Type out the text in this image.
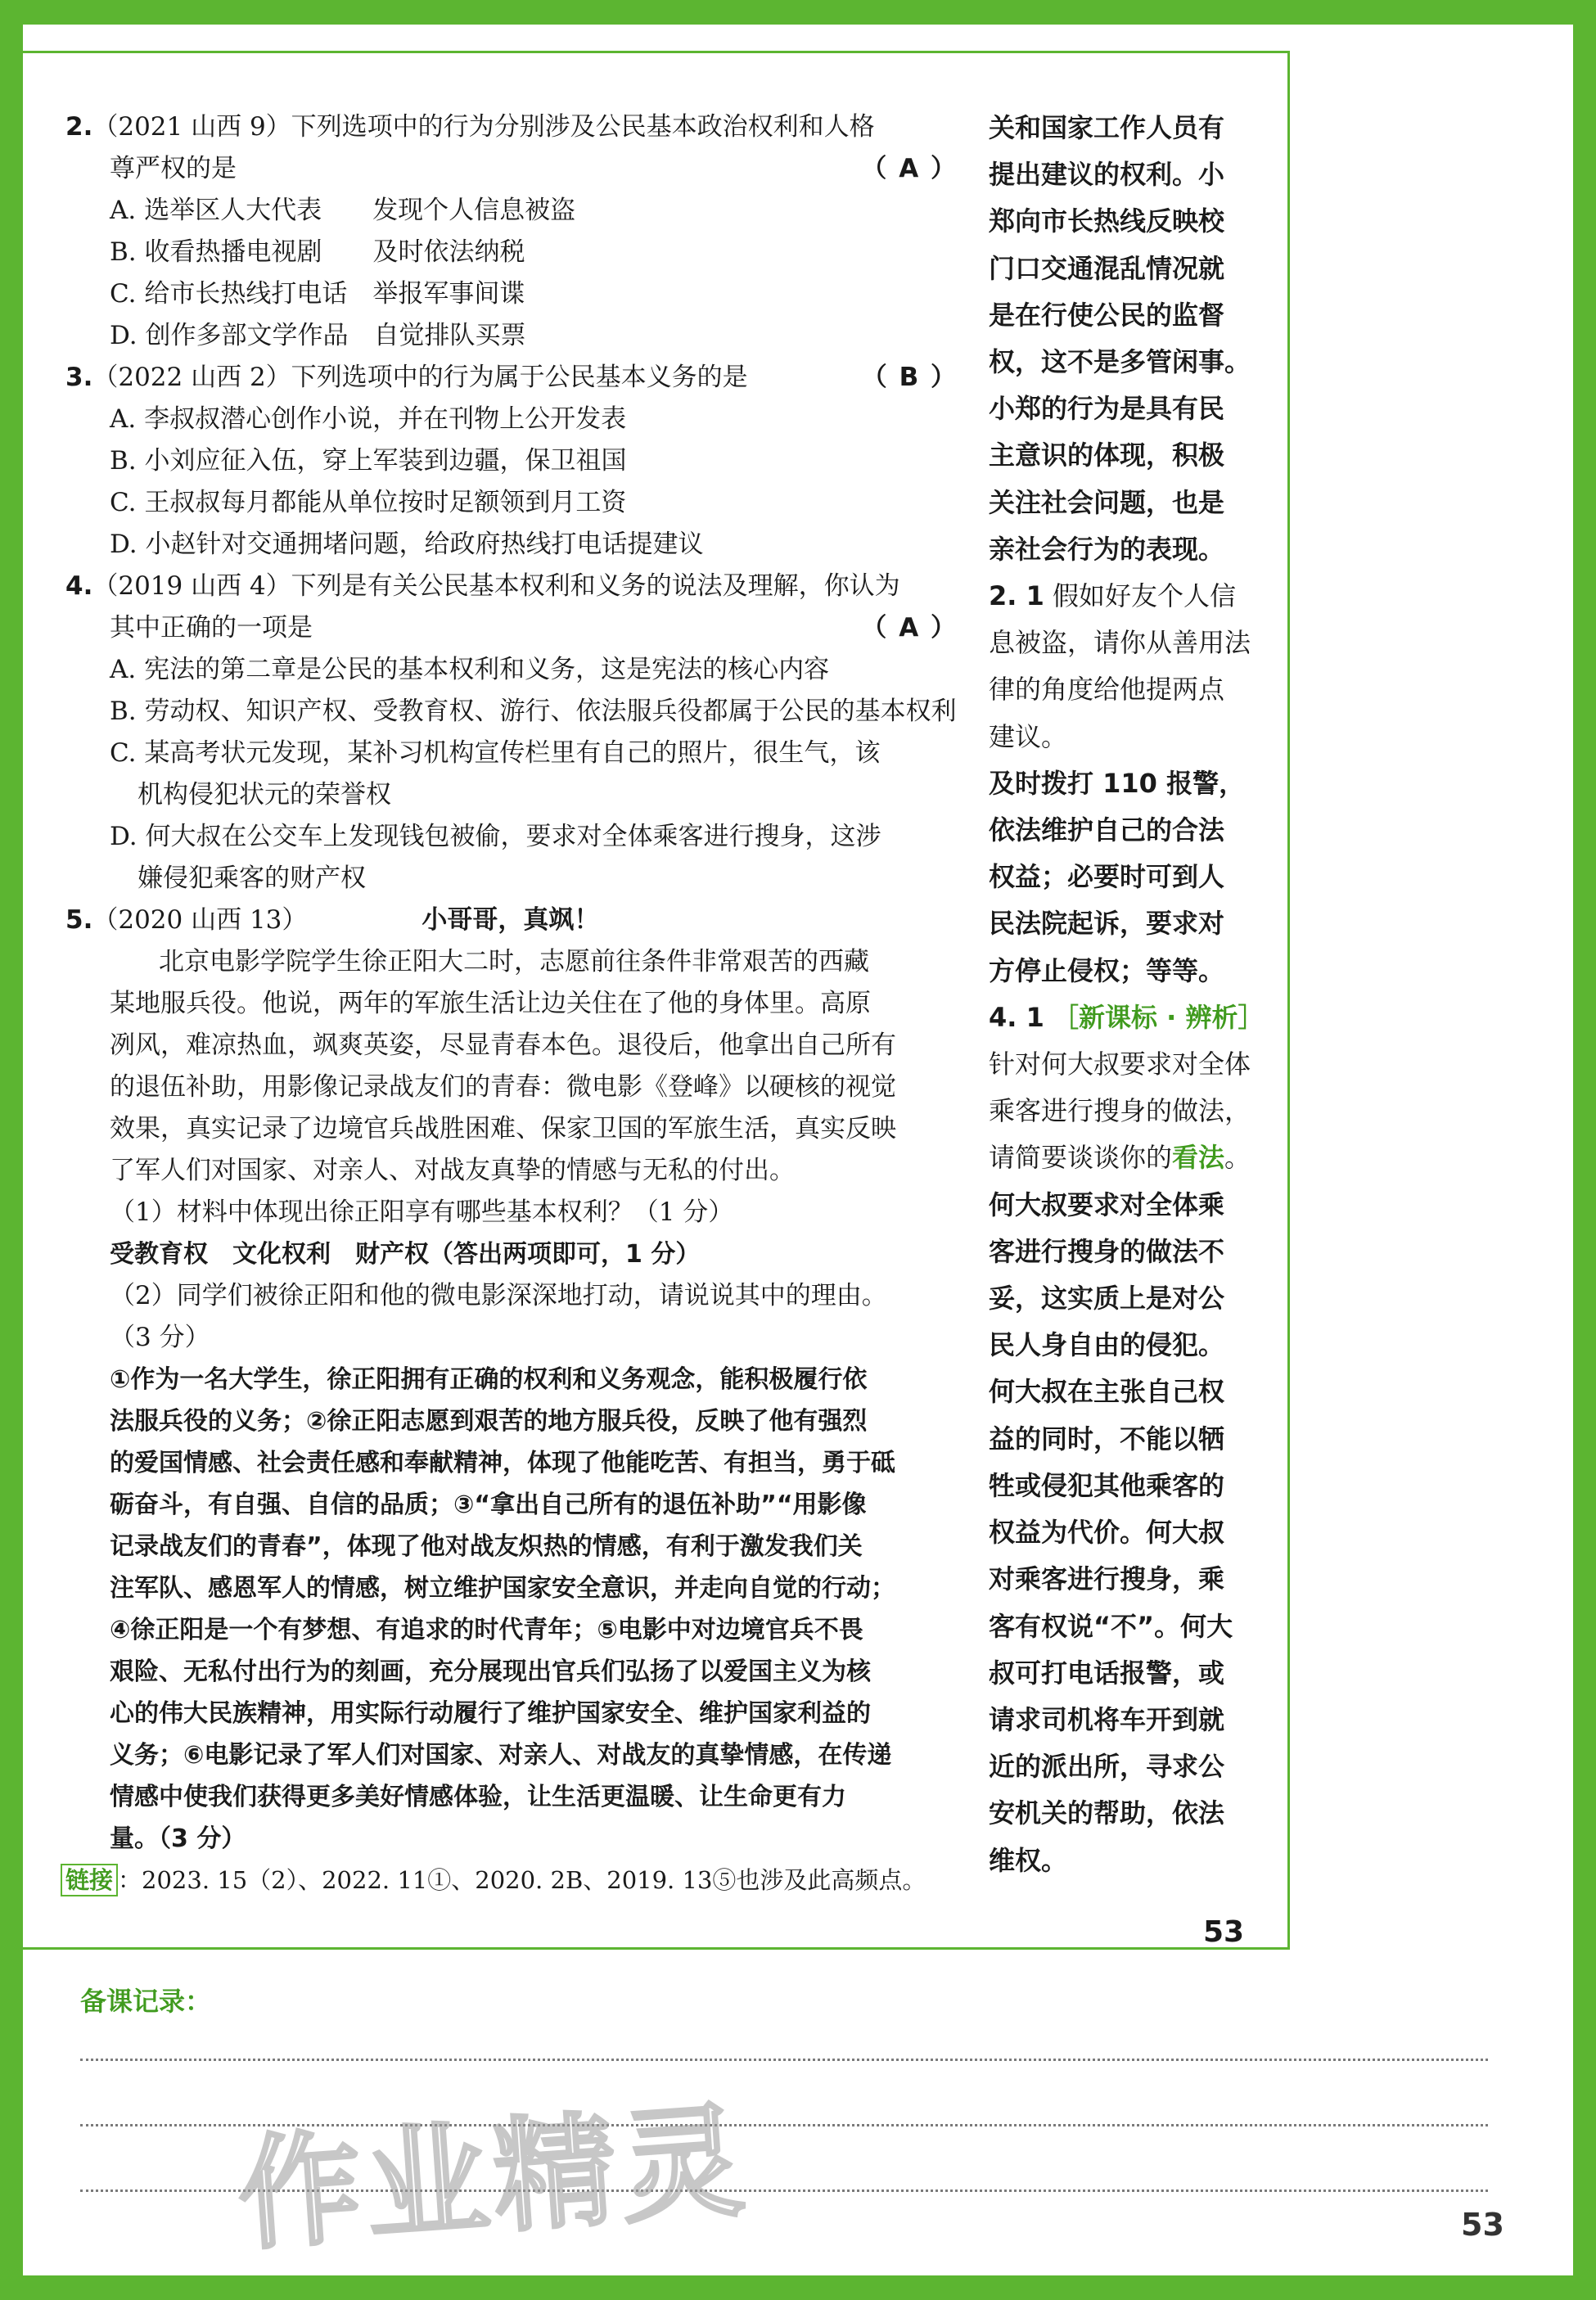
2.（2021 山西 9）下列选项中的行为分别涉及公民基本政治权利和人格
尊严权的是	（ A ）
A. 选举区人大代表　　发现个人信息被盗
B. 收看热播电视剧　　及时依法纳税
C. 给市长热线打电话　举报军事间谍
D. 创作多部文学作品　自觉排队买票
3.（2022 山西 2）下列选项中的行为属于公民基本义务的是	（ B ）
A. 李叔叔潜心创作小说，并在刊物上公开发表
B. 小刘应征入伍，穿上军装到边疆，保卫祖国
C. 王叔叔每月都能从单位按时足额领到月工资
D. 小赵针对交通拥堵问题，给政府热线打电话提建议
4.（2019 山西 4）下列是有关公民基本权利和义务的说法及理解，你认为
其中正确的一项是	（ A ）
A. 宪法的第二章是公民的基本权利和义务，这是宪法的核心内容
B. 劳动权、知识产权、受教育权、游行、依法服兵役都属于公民的基本权利
C. 某高考状元发现，某补习机构宣传栏里有自己的照片，很生气，该
机构侵犯状元的荣誉权
D. 何大叔在公交车上发现钱包被偷，要求对全体乘客进行搜身，这涉
嫌侵犯乘客的财产权
5.（2020 山西 13）	小哥哥，真飒！
北京电影学院学生徐正阳大二时，志愿前往条件非常艰苦的西藏
某地服兵役。他说，两年的军旅生活让边关住在了他的身体里。高原
冽风，难凉热血，飒爽英姿，尽显青春本色。退役后，他拿出自己所有
的退伍补助，用影像记录战友们的青春：微电影《登峰》以硬核的视觉
效果，真实记录了边境官兵战胜困难、保家卫国的军旅生活，真实反映
了军人们对国家、对亲人、对战友真挚的情感与无私的付出。
（1）材料中体现出徐正阳享有哪些基本权利？（1 分）
受教育权　文化权利　财产权（答出两项即可，1 分）
（2）同学们被徐正阳和他的微电影深深地打动，请说说其中的理由。
（3 分）
①作为一名大学生，徐正阳拥有正确的权利和义务观念，能积极履行依
法服兵役的义务；②徐正阳志愿到艰苦的地方服兵役，反映了他有强烈
的爱国情感、社会责任感和奉献精神，体现了他能吃苦、有担当，勇于砥
砺奋斗，有自强、自信的品质；③“拿出自己所有的退伍补助”“用影像
记录战友们的青春”，体现了他对战友炽热的情感，有利于激发我们关
注军队、感恩军人的情感，树立维护国家安全意识，并走向自觉的行动；
④徐正阳是一个有梦想、有追求的时代青年；⑤电影中对边境官兵不畏
艰险、无私付出行为的刻画，充分展现出官兵们弘扬了以爱国主义为核
心的伟大民族精神，用实际行动履行了维护国家安全、维护国家利益的
义务；⑥电影记录了军人们对国家、对亲人、对战友的真挚情感，在传递
情感中使我们获得更多美好情感体验，让生活更温暖、让生命更有力
量。（3 分）
链接 ：2023. 15（2）、2022. 11①、2020. 2B、2019. 13⑤也涉及此高频点。
关和国家工作人员有
提出建议的权利。小
郑向市长热线反映校
门口交通混乱情况就
是在行使公民的监督
权，这不是多管闲事。
小郑的行为是具有民
主意识的体现，积极
关注社会问题，也是
亲社会行为的表现。
2. 1 假如好友个人信
息被盗，请你从善用法
律的角度给他提两点
建议。
及时拨打 110 报警，
依法维护自己的合法
权益；必要时可到人
民法院起诉，要求对
方停止侵权；等等。
4. 1 ［新课标 · 辨析］
针对何大叔要求对全体
乘客进行搜身的做法，
请简要谈谈你的看法。
何大叔要求对全体乘
客进行搜身的做法不
妥，这实质上是对公
民人身自由的侵犯。
何大叔在主张自己权
益的同时，不能以牺
牲或侵犯其他乘客的
权益为代价。何大叔
对乘客进行搜身，乘
客有权说“不”。何大
叔可打电话报警，或
请求司机将车开到就
近的派出所，寻求公
安机关的帮助，依法
维权。
53
备课记录：
作业精灵	53
